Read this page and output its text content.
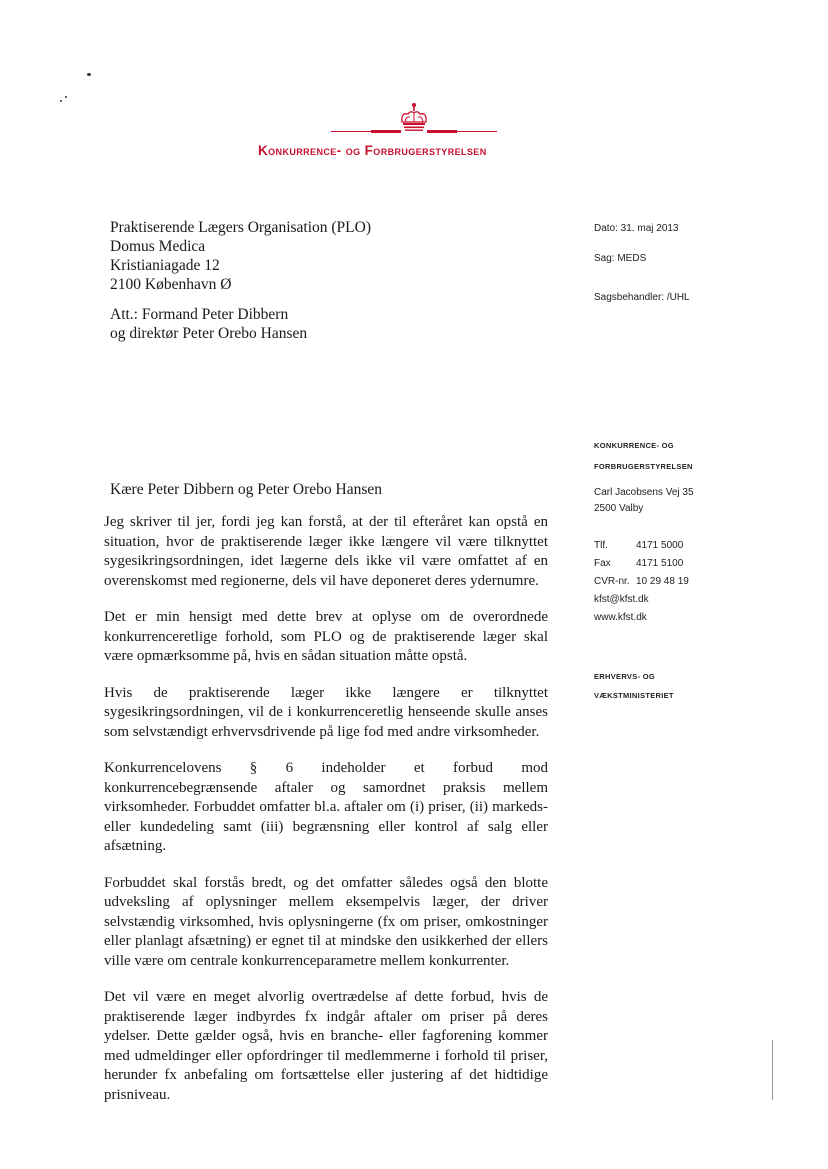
Konkurrence- og Forbrugerstyrelsen
Praktiserende Lægers Organisation (PLO)
Domus Medica
Kristianiagade 12
2100 København Ø
Att.: Formand Peter Dibbern
og direktør Peter Orebo Hansen
Dato: 31. maj 2013
Sag: MEDS
Sagsbehandler: /UHL
KONKURRENCE- OG
FORBRUGERSTYRELSEN
Carl Jacobsens Vej 35
2500 Valby
Tlf.	4171 5000
Fax	4171 5100
CVR-nr. 10 29 48 19
kfst@kfst.dk
www.kfst.dk
ERHVERVS- OG
VÆKSTMINISTERIET
Kære Peter Dibbern og Peter Orebo Hansen

Jeg skriver til jer, fordi jeg kan forstå, at der til efteråret kan opstå en situation, hvor de praktiserende læger ikke længere vil være tilknyttet sygesikringsordningen, idet lægerne dels ikke vil være omfattet af en overenskomst med regionerne, dels vil have deponeret deres ydernumre.

Det er min hensigt med dette brev at oplyse om de overordnede konkurrenceretlige forhold, som PLO og de praktiserende læger skal være opmærksomme på, hvis en sådan situation måtte opstå.

Hvis de praktiserende læger ikke længere er tilknyttet sygesikringsordningen, vil de i konkurrenceretlig henseende skulle anses som selvstændigt erhvervsdrivende på lige fod med andre virksomheder.

Konkurrencelovens § 6 indeholder et forbud mod konkurrencebegrænsende aftaler og samordnet praksis mellem virksomheder. Forbuddet omfatter bl.a. aftaler om (i) priser, (ii) markeds- eller kundedeling samt (iii) begrænsning eller kontrol af salg eller afsætning.

Forbuddet skal forstås bredt, og det omfatter således også den blotte udveksling af oplysninger mellem eksempelvis læger, der driver selvstændig virksomhed, hvis oplysningerne (fx om priser, omkostninger eller planlagt afsætning) er egnet til at mindske den usikkerhed der ellers ville være om centrale konkurrenceparametre mellem konkurrenter.

Det vil være en meget alvorlig overtrædelse af dette forbud, hvis de praktiserende læger indbyrdes fx indgår aftaler om priser på deres ydelser. Dette gælder også, hvis en branche- eller fagforening kommer med udmeldinger eller opfordringer til medlemmerne i forhold til priser, herunder fx anbefaling om fortsættelse eller justering af det hidtidige prisniveau.
